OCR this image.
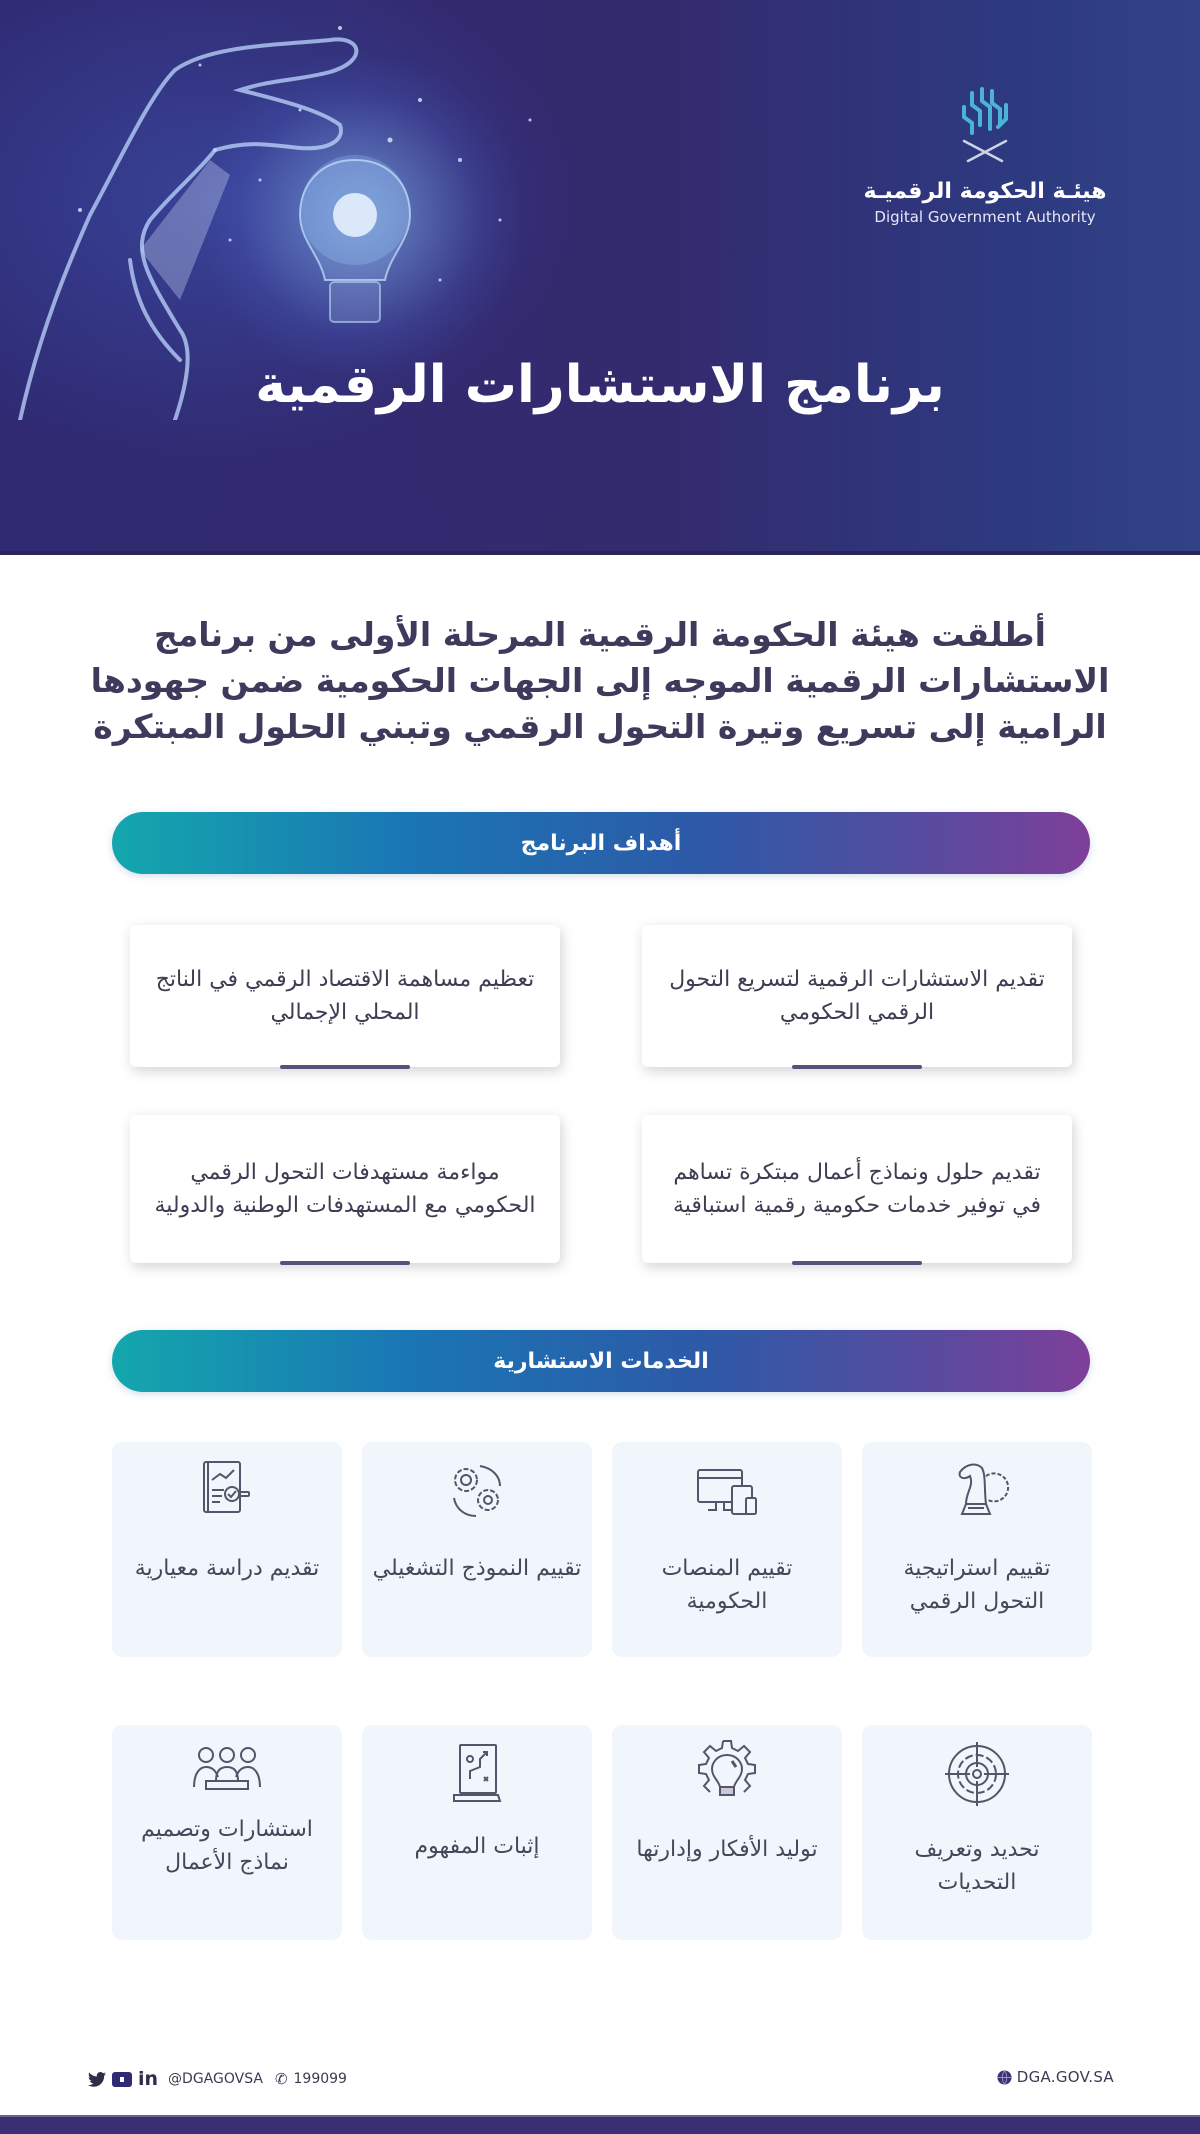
هيئـة الحكومة الرقميـة
Digital Government Authority
برنامج الاستشارات الرقمية

أطلقت هيئة الحكومة الرقمية المرحلة الأولى من برنامج الاستشارات الرقمية الموجه إلى الجهات الحكومية ضمن جهودها الرامية إلى تسريع وتيرة التحول الرقمي وتبني الحلول المبتكرة

أهداف البرنامج
تقديم الاستشارات الرقمية لتسريع التحول الرقمي الحكومي
تعظيم مساهمة الاقتصاد الرقمي في الناتج المحلي الإجمالي
تقديم حلول ونماذج أعمال مبتكرة تساهم في توفير خدمات حكومية رقمية استباقية
مواءمة مستهدفات التحول الرقمي الحكومي مع المستهدفات الوطنية والدولية
الخدمات الاستشارية
تقييم استراتيجية التحول الرقمي
تقييم المنصات الحكومية
تقييم النموذج التشغيلي
تقديم دراسة معيارية
تحديد وتعريف التحديات
توليد الأفكار وإدارتها
إثبات المفهوم
استشارات وتصميم نماذج الأعمال
in @DGAGOVSA ✆ 199099	DGA.GOV.SA
